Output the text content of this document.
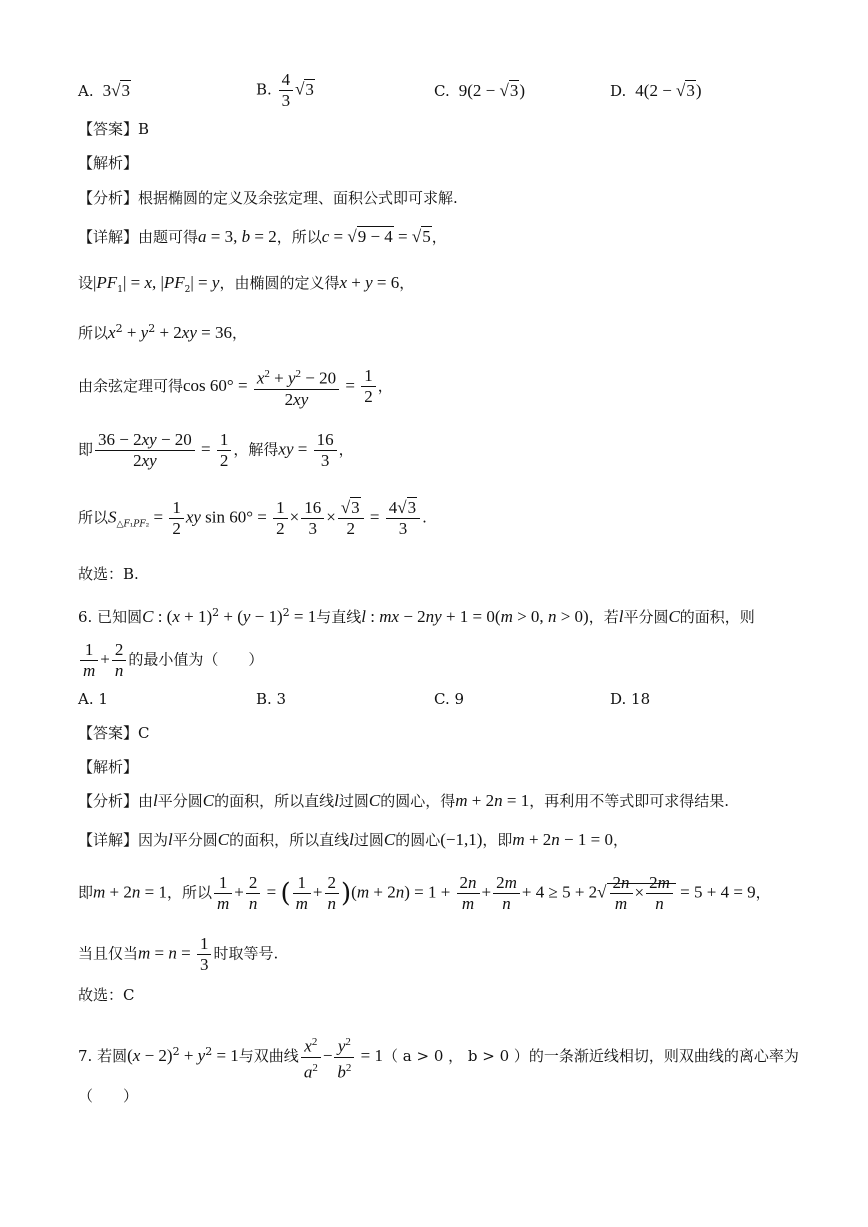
A.  3√3	B. $\frac{4}{3} √3$	C.  9(2 − √3)	D.  4(2 − √3)
【答案】B
【解析】
【分析】根据椭圆的定义及余弦定理、面积公式即可求解.
【详解】由题可得a = 3, b = 2，所以c = √9 − 4 = √5，
设$|PF_1| = x$, $|PF_2| = y$，由椭圆的定义得x + y = 6，
所以$x^2 + y^2 + 2xy = 36$，
由余弦定理可得$\cos 60^\circ = \frac{x^2 + y^2 - 20}{2xy} = \frac{1}{2}$ ，
即 $\frac{36 - 2xy - 20}{2xy} = \frac{1}{2}$ ，解得xy = $\frac{16}{3}$ ，
所以$S_{\triangle F_1PF_2} = \frac{1}{2}$ xy $\sin 60^\circ = \frac{1}{2} \times \frac{16}{3} \times \frac{√3}{2} = \frac{4√3}{3}$ .
故选：B.
6. 已知圆C : $(x + 1)^2 + (y - 1)^2 = 1$与直线l : mx − 2ny + 1 = 0(m > 0, n > 0)，若l平分圆C的面积，则
$\frac{1}{m} + \frac{2}{n}$ 的最小值为（　　）
A. 1	B. 3	C. 9	D. 18
【答案】C
【解析】
【分析】由l平分圆C的面积，所以直线l过圆C的圆心，得m + 2n = 1，再利用不等式即可求得结果.
【详解】因为l平分圆C的面积，所以直线l过圆C的圆心(−1,1)，即m + 2n − 1 = 0，
即m + 2n = 1，所以 $\frac{1}{m} + \frac{2}{n}$ = ( $\frac{1}{m} + \frac{2}{n} )(m + 2n) = 1 + \frac{2n}{m} + \frac{2m}{n} + 4 \ge 5 + 2√ \frac{2n}{m} \times \frac{2m}{n} = 5 + 4 = 9$，
当且仅当$m = n = \frac{1}{3}$ 时取等号.
故选：C
7. 若圆$(x - 2)^2 + y^2 = 1$与双曲线 $\frac{x^2}{a^2} - \frac{y^2}{b^2} = 1$（ a > 0 ， b > 0 ）的一条渐近线相切，则双曲线的离心率为
（　　）
